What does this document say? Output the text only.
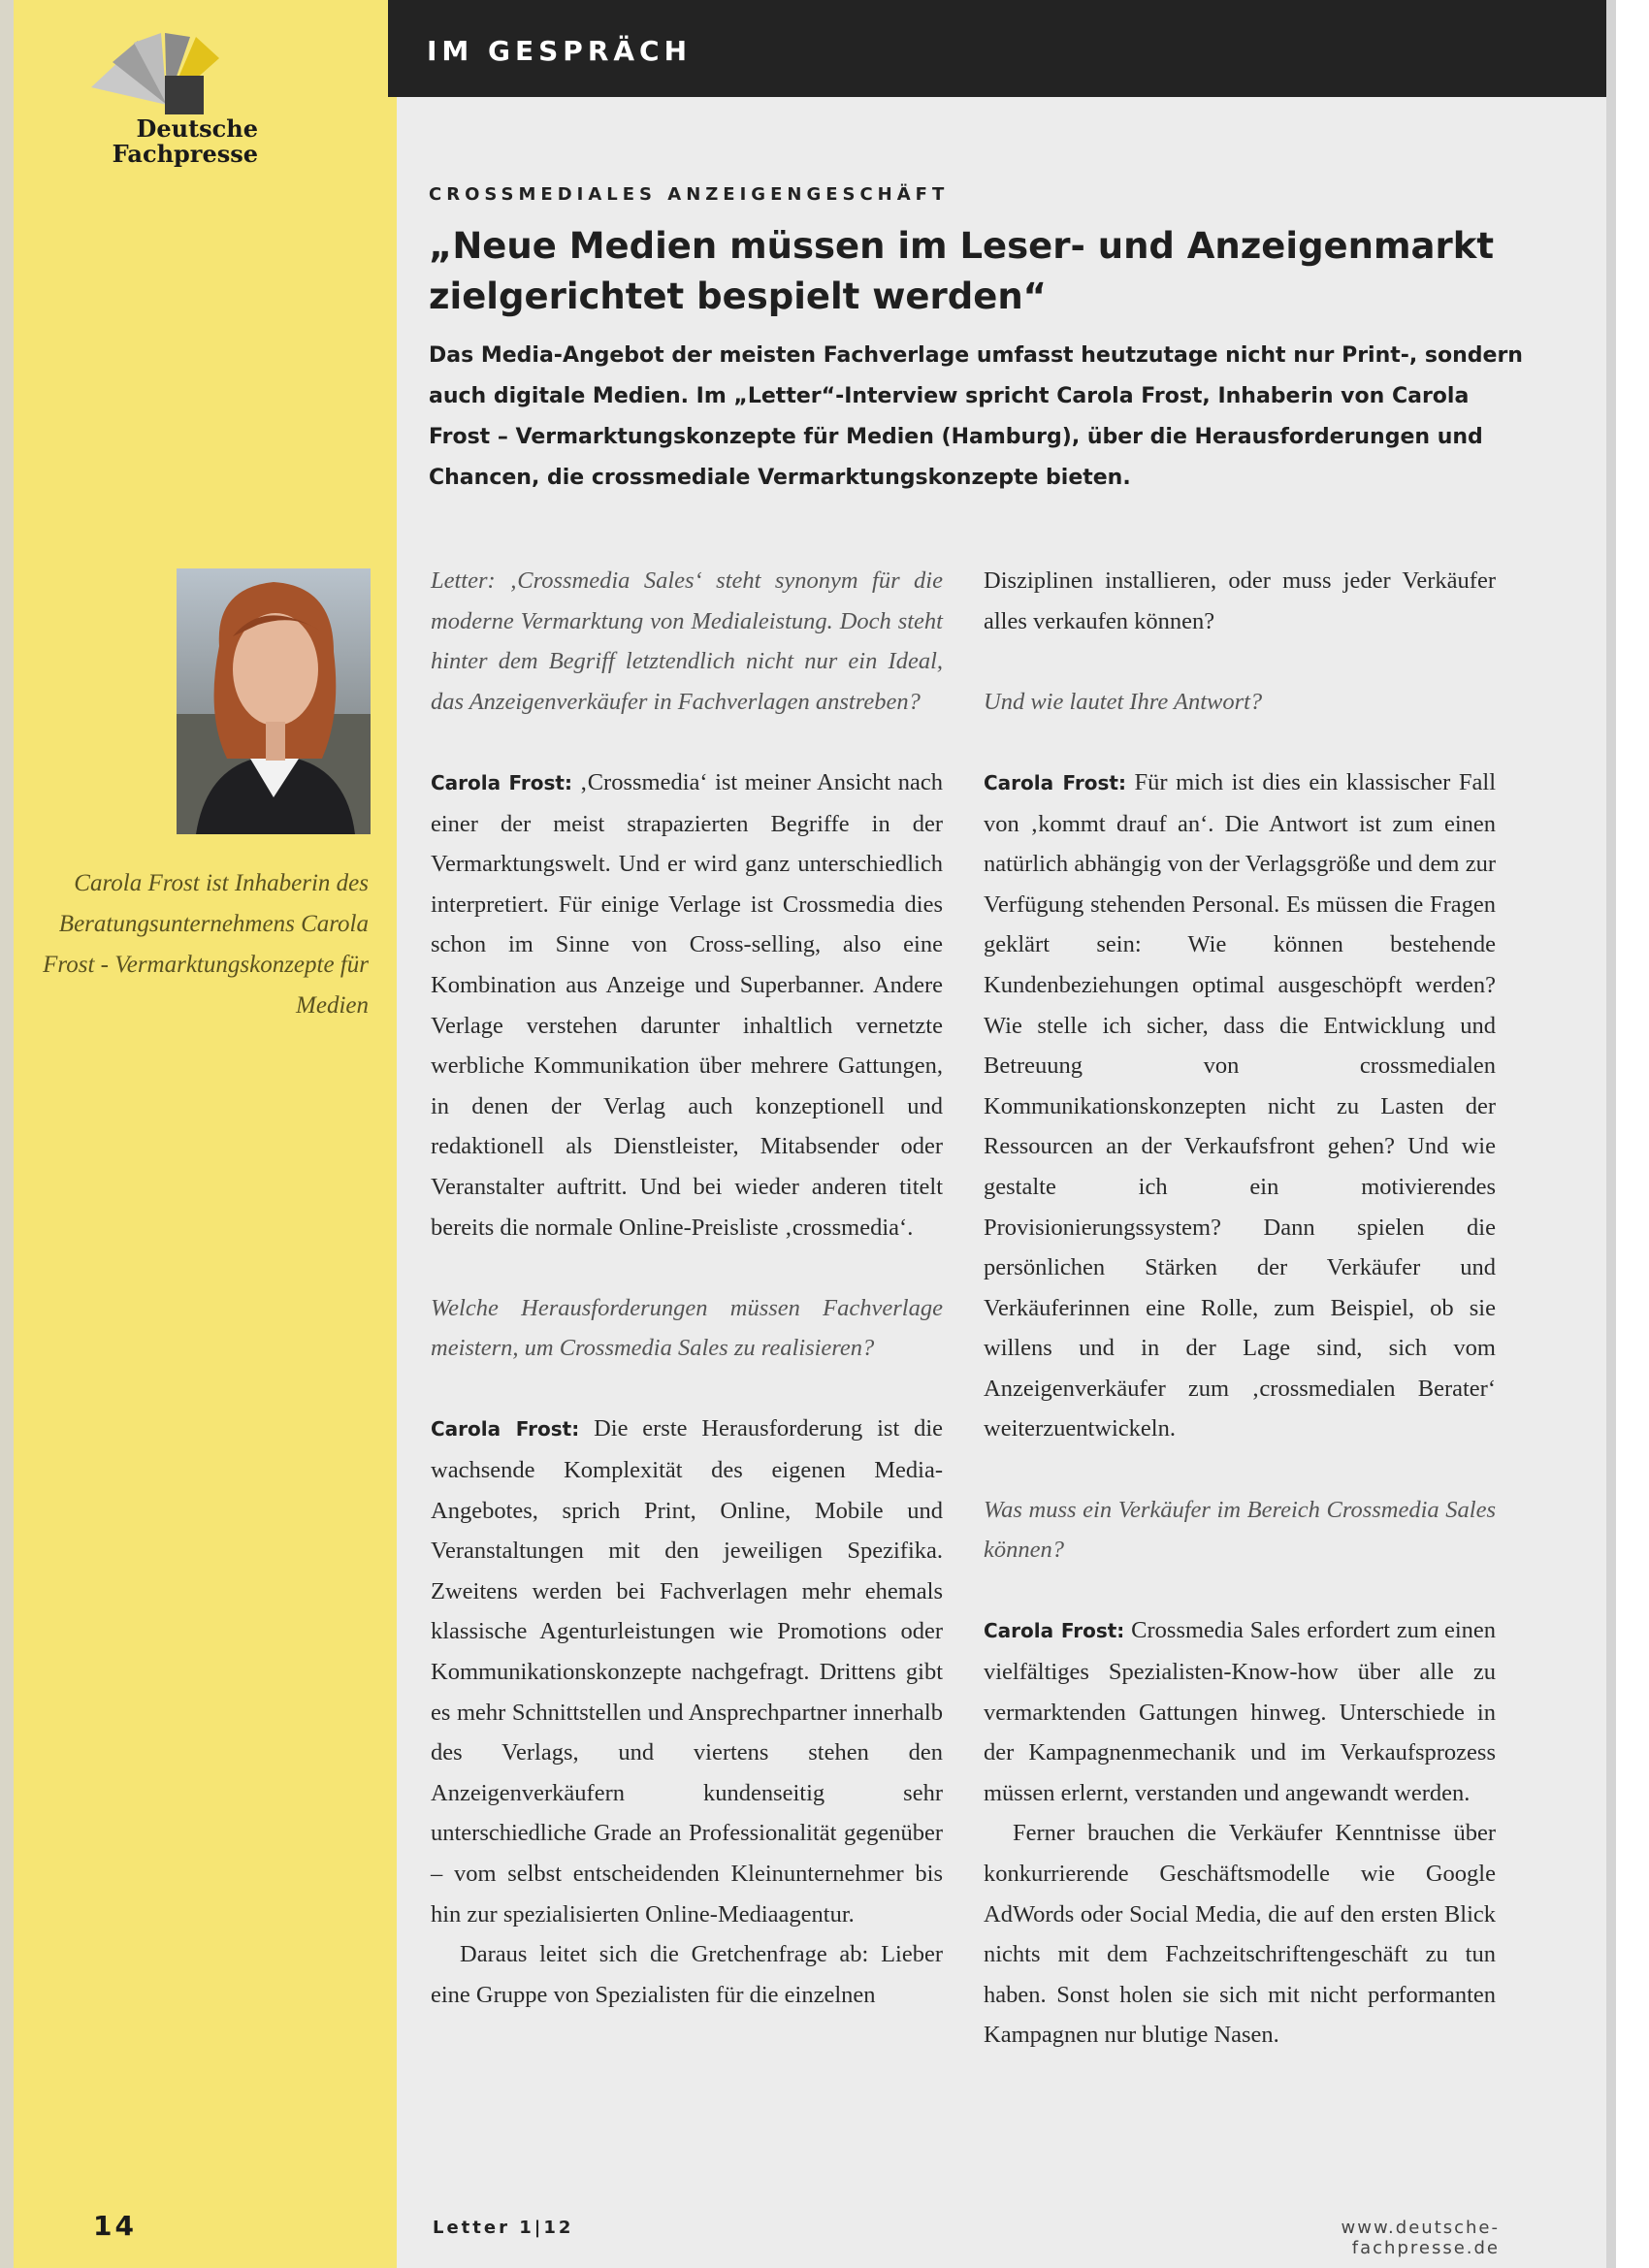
IM GESPRÄCH
Deutsche
Fachpresse
Carola Frost ist Inhaberin des Beratungsunternehmens Carola Frost - Vermarktungskonzepte für Medien
CROSSMEDIALES ANZEIGENGESCHÄFT
„Neue Medien müssen im Leser- und Anzeigenmarkt zielgerichtet bespielt werden“

Das Media-Angebot der meisten Fachverlage umfasst heutzutage nicht nur Print-, sondern auch digitale Medien. Im „Letter“-Interview spricht Carola Frost, Inhaberin von Carola Frost – Vermarktungskonzepte für Medien (Hamburg), über die Herausforderungen und Chancen, die crossmediale Vermarktungskonzepte bieten.

Letter: ‚Crossmedia Sales‘ steht synonym für die moderne Vermarktung von Medialeistung. Doch steht hinter dem Begriff letztendlich nicht nur ein Ideal, das Anzeigenverkäufer in Fachverlagen anstreben?

Carola Frost: ‚Crossmedia‘ ist meiner Ansicht nach einer der meist strapazierten Begriffe in der Vermarktungswelt. Und er wird ganz unterschiedlich interpretiert. Für einige Verlage ist Crossmedia dies schon im Sinne von Cross-selling, also eine Kombination aus Anzeige und Superbanner. Andere Verlage verstehen darunter inhaltlich vernetzte werbliche Kommunikation über mehrere Gattungen, in denen der Verlag auch konzeptionell und redaktionell als Dienstleister, Mitabsender oder Veranstalter auftritt. Und bei wieder anderen titelt bereits die normale Online-Preisliste ‚crossmedia‘.

Welche Herausforderungen müssen Fachverlage meistern, um Crossmedia Sales zu realisieren?

Carola Frost: Die erste Herausforderung ist die wachsende Komplexität des eigenen Media-Angebotes, sprich Print, Online, Mobile und Veranstaltungen mit den jeweiligen Spezifika. Zweitens werden bei Fachverlagen mehr ehemals klassische Agenturleistungen wie Promotions oder Kommunikationskonzepte nachgefragt. Drittens gibt es mehr Schnittstellen und Ansprechpartner innerhalb des Verlags, und viertens stehen den Anzeigenverkäufern kundenseitig sehr unterschiedliche Grade an Professionalität gegenüber – vom selbst entscheidenden Kleinunternehmer bis hin zur spezialisierten Online-Mediaagentur.

Daraus leitet sich die Gretchenfrage ab: Lieber eine Gruppe von Spezialisten für die einzelnen

Disziplinen installieren, oder muss jeder Verkäufer alles verkaufen können?

Und wie lautet Ihre Antwort?

Carola Frost: Für mich ist dies ein klassischer Fall von ‚kommt drauf an‘. Die Antwort ist zum einen natürlich abhängig von der Verlagsgröße und dem zur Verfügung stehenden Personal. Es müssen die Fragen geklärt sein: Wie können bestehende Kundenbeziehungen optimal ausgeschöpft werden? Wie stelle ich sicher, dass die Entwicklung und Betreuung von crossmedialen Kommunikationskonzepten nicht zu Lasten der Ressourcen an der Verkaufsfront gehen? Und wie gestalte ich ein motivierendes Provisionierungssystem? Dann spielen die persönlichen Stärken der Verkäufer und Verkäuferinnen eine Rolle, zum Beispiel, ob sie willens und in der Lage sind, sich vom Anzeigenverkäufer zum ‚crossmedialen Berater‘ weiterzuentwickeln.

Was muss ein Verkäufer im Bereich Crossmedia Sales können?

Carola Frost: Crossmedia Sales erfordert zum einen vielfältiges Spezialisten-Know-how über alle zu vermarktenden Gattungen hinweg. Unterschiede in der Kampagnenmechanik und im Verkaufsprozess müssen erlernt, verstanden und angewandt werden.

Ferner brauchen die Verkäufer Kenntnisse über konkurrierende Geschäftsmodelle wie Google AdWords oder Social Media, die auf den ersten Blick nichts mit dem Fachzeitschriftengeschäft zu tun haben. Sonst holen sie sich mit nicht performanten Kampagnen nur blutige Nasen.

14	Letter 1|12	www.deutsche-fachpresse.de
